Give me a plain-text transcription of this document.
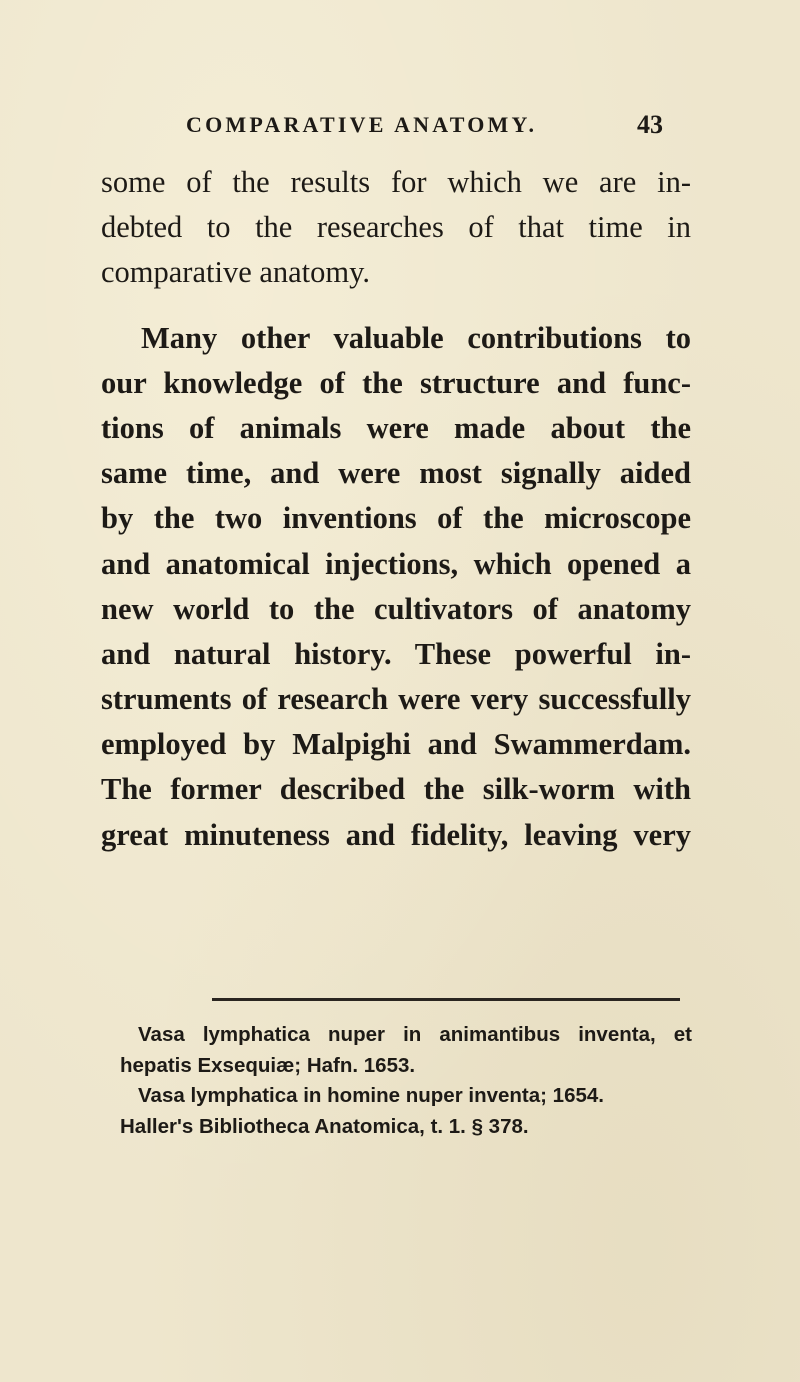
COMPARATIVE ANATOMY.	43
some of the results for which we are in-
debted to the researches of that time in
comparative anatomy.
Many other valuable contributions to
our knowledge of the structure and func-
tions of animals were made about the
same time, and were most signally aided
by the two inventions of the microscope
and anatomical injections, which opened a
new world to the cultivators of anatomy
and natural history. These powerful in-
struments of research were very successfully
employed by Malpighi and Swammerdam.
The former described the silk-worm with
great minuteness and fidelity, leaving very
Vasa lymphatica nuper in animantibus inventa, et
hepatis Exsequiæ; Hafn. 1653.
Vasa lymphatica in homine nuper inventa; 1654.
Haller's Bibliotheca Anatomica, t. 1. § 378.
